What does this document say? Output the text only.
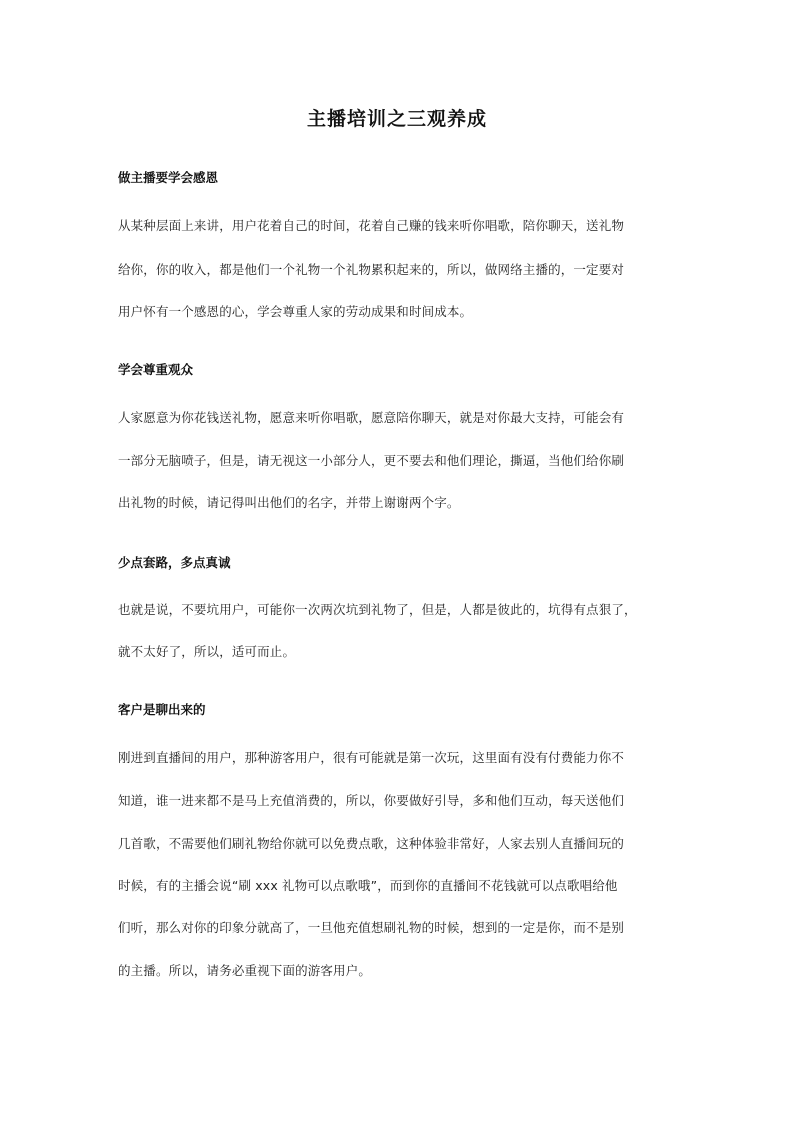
主播培训之三观养成
做主播要学会感恩
从某种层面上来讲，用户花着自己的时间，花着自己赚的钱来听你唱歌，陪你聊天，送礼物
给你，你的收入，都是他们一个礼物一个礼物累积起来的，所以，做网络主播的，一定要对
用户怀有一个感恩的心，学会尊重人家的劳动成果和时间成本。
学会尊重观众
人家愿意为你花钱送礼物，愿意来听你唱歌，愿意陪你聊天，就是对你最大支持，可能会有
一部分无脑喷子，但是，请无视这一小部分人，更不要去和他们理论，撕逼，当他们给你刷
出礼物的时候，请记得叫出他们的名字，并带上谢谢两个字。
少点套路，多点真诚
也就是说，不要坑用户，可能你一次两次坑到礼物了，但是，人都是彼此的，坑得有点狠了，
就不太好了，所以，适可而止。
客户是聊出来的
刚进到直播间的用户，那种游客用户，很有可能就是第一次玩，这里面有没有付费能力你不
知道，谁一进来都不是马上充值消费的，所以，你要做好引导，多和他们互动，每天送他们
几首歌，不需要他们刷礼物给你就可以免费点歌，这种体验非常好，人家去别人直播间玩的
时候，有的主播会说“刷 xxx 礼物可以点歌哦”，而到你的直播间不花钱就可以点歌唱给他
们听，那么对你的印象分就高了，一旦他充值想刷礼物的时候，想到的一定是你，而不是别
的主播。所以，请务必重视下面的游客用户。
